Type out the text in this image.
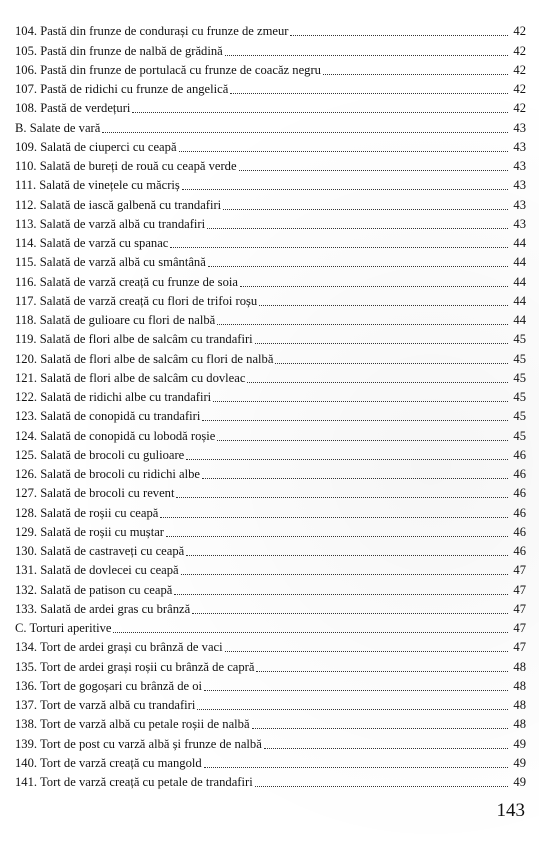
104. Pastă din frunze de condurași cu frunze de zmeur	42
105. Pastă din frunze de nalbă de grădină	42
106. Pastă din frunze de portulacă cu frunze de coacăz negru	42
107. Pastă de ridichi cu frunze de angelică	42
108. Pastă de verdețuri	42
B. Salate de vară	43
109. Salată de ciuperci cu ceapă	43
110. Salată de bureți de rouă cu ceapă verde	43
111. Salată de vinețele cu măcriș	43
112. Salată de iască galbenă cu trandafiri	43
113. Salată de varză albă cu trandafiri	43
114. Salată de varză cu spanac	44
115. Salată de varză albă cu smântână	44
116. Salată de varză creață cu frunze de soia	44
117. Salată de varză creață cu flori de trifoi roșu	44
118. Salată de gulioare cu flori de nalbă	44
119. Salată de flori albe de salcâm cu trandafiri	45
120. Salată de flori albe de salcâm cu flori de nalbă	45
121. Salată de flori albe de salcâm cu dovleac	45
122. Salată de ridichi albe cu trandafiri	45
123. Salată de conopidă cu trandafiri	45
124. Salată de conopidă cu lobodă roșie	45
125. Salată de brocoli cu gulioare	46
126. Salată de brocoli cu ridichi albe	46
127. Salată de brocoli cu revent	46
128. Salată de roșii cu ceapă	46
129. Salată de roșii cu muștar	46
130. Salată de castraveți cu ceapă	46
131. Salată de dovlecei cu ceapă	47
132. Salată de patison cu ceapă	47
133. Salată de ardei gras cu brânză	47
C. Torturi aperitive	47
134. Tort de ardei grași cu brânză de vaci	47
135. Tort de ardei grași roșii cu brânză de capră	48
136. Tort de gogoșari cu brânză de oi	48
137. Tort de varză albă cu trandafiri	48
138. Tort de varză albă cu petale roșii de nalbă	48
139. Tort de post cu varză albă și frunze de nalbă	49
140. Tort de varză creață cu mangold	49
141. Tort de varză creață cu petale de trandafiri	49
143
